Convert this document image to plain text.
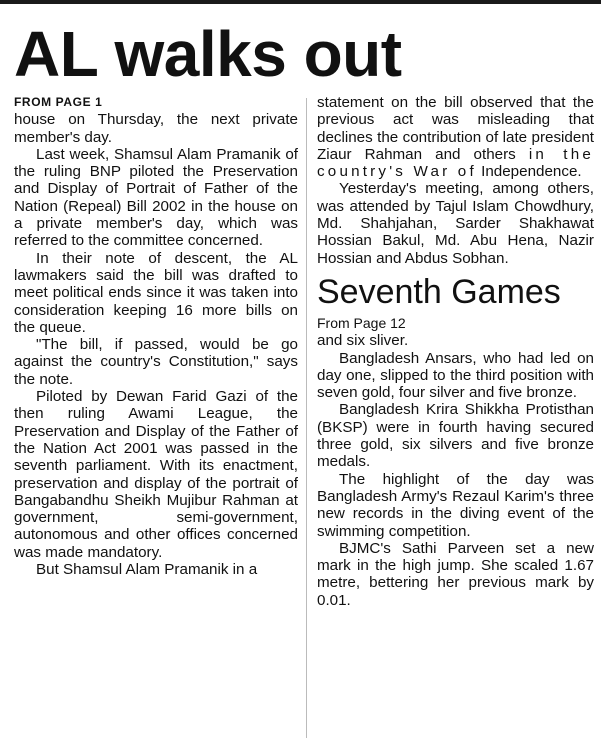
AL walks out
FROM PAGE 1

house on Thursday, the next private member's day.

Last week, Shamsul Alam Pramanik of the ruling BNP piloted the Preservation and Display of Portrait of Father of the Nation (Repeal) Bill 2002 in the house on a private member's day, which was referred to the committee concerned.

In their note of descent, the AL lawmakers said the bill was drafted to meet political ends since it was taken into consideration keeping 16 more bills on the queue.

"The bill, if passed, would be go against the country's Constitution," says the note.

Piloted by Dewan Farid Gazi of the then ruling Awami League, the Preservation and Display of the Father of the Nation Act 2001 was passed in the seventh parliament. With its enactment, preservation and display of the portrait of Bangabandhu Sheikh Mujibur Rahman at government, semi-government, autonomous and other offices concerned was made mandatory.

But Shamsul Alam Pramanik in a

statement on the bill observed that the previous act was misleading that declines the contribution of late president Ziaur Rahman and others in the country's War of Independence.

Yesterday's meeting, among others, was attended by Tajul Islam Chowdhury, Md. Shahjahan, Sarder Shakhawat Hossian Bakul, Md. Abu Hena, Nazir Hossian and Abdus Sobhan.

Seventh Games
From Page 12

and six sliver.

Bangladesh Ansars, who had led on day one, slipped to the third position with seven gold, four silver and five bronze.

Bangladesh Krira Shikkha Protisthan (BKSP) were in fourth having secured three gold, six silvers and five bronze medals.

The highlight of the day was Bangladesh Army's Rezaul Karim's three new records in the diving event of the swimming competition.

BJMC's Sathi Parveen set a new mark in the high jump. She scaled 1.67 metre, bettering her previous mark by 0.01.
